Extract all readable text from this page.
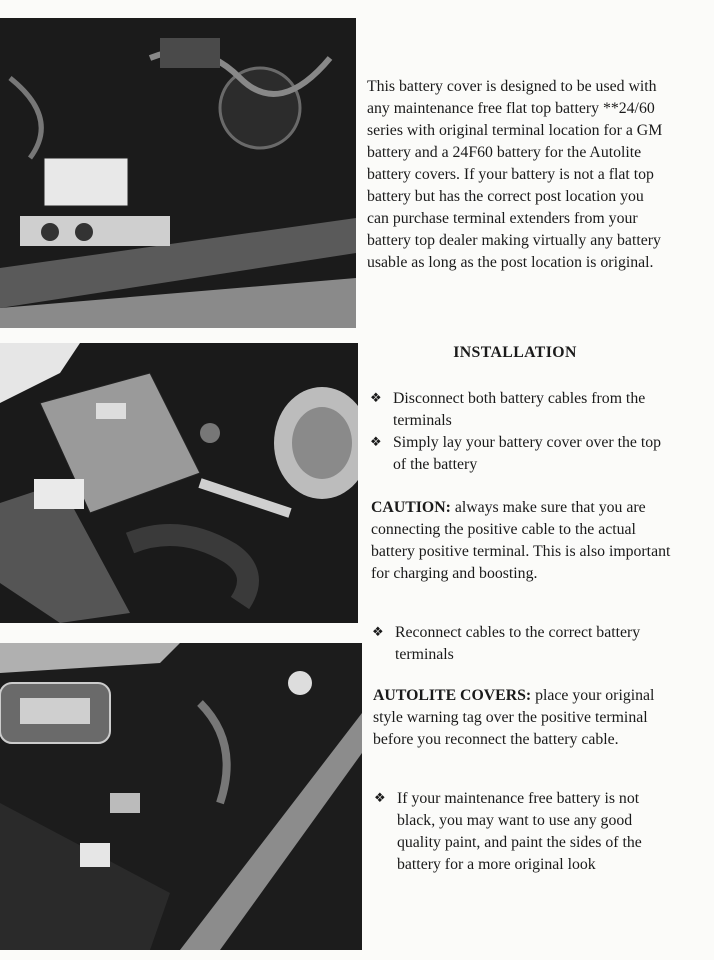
This battery cover is designed to be used with any maintenance free flat top battery **24/60 series with original terminal location for a GM battery and a 24F60 battery for the Autolite battery covers. If your battery is not a flat top battery but has the correct post location you can purchase terminal extenders from your battery top dealer making virtually any battery usable as long as the post location is original.
INSTALLATION
❖ Disconnect both battery cables from the terminals
❖ Simply lay your battery cover over the top of the battery
CAUTION: always make sure that you are connecting the positive cable to the actual battery positive terminal. This is also important for charging and boosting.
❖ Reconnect cables to the correct battery terminals
AUTOLITE COVERS: place your original style warning tag over the positive terminal before you reconnect the battery cable.
❖ If your maintenance free battery is not black, you may want to use any good quality paint, and paint the sides of the battery for a more original look
